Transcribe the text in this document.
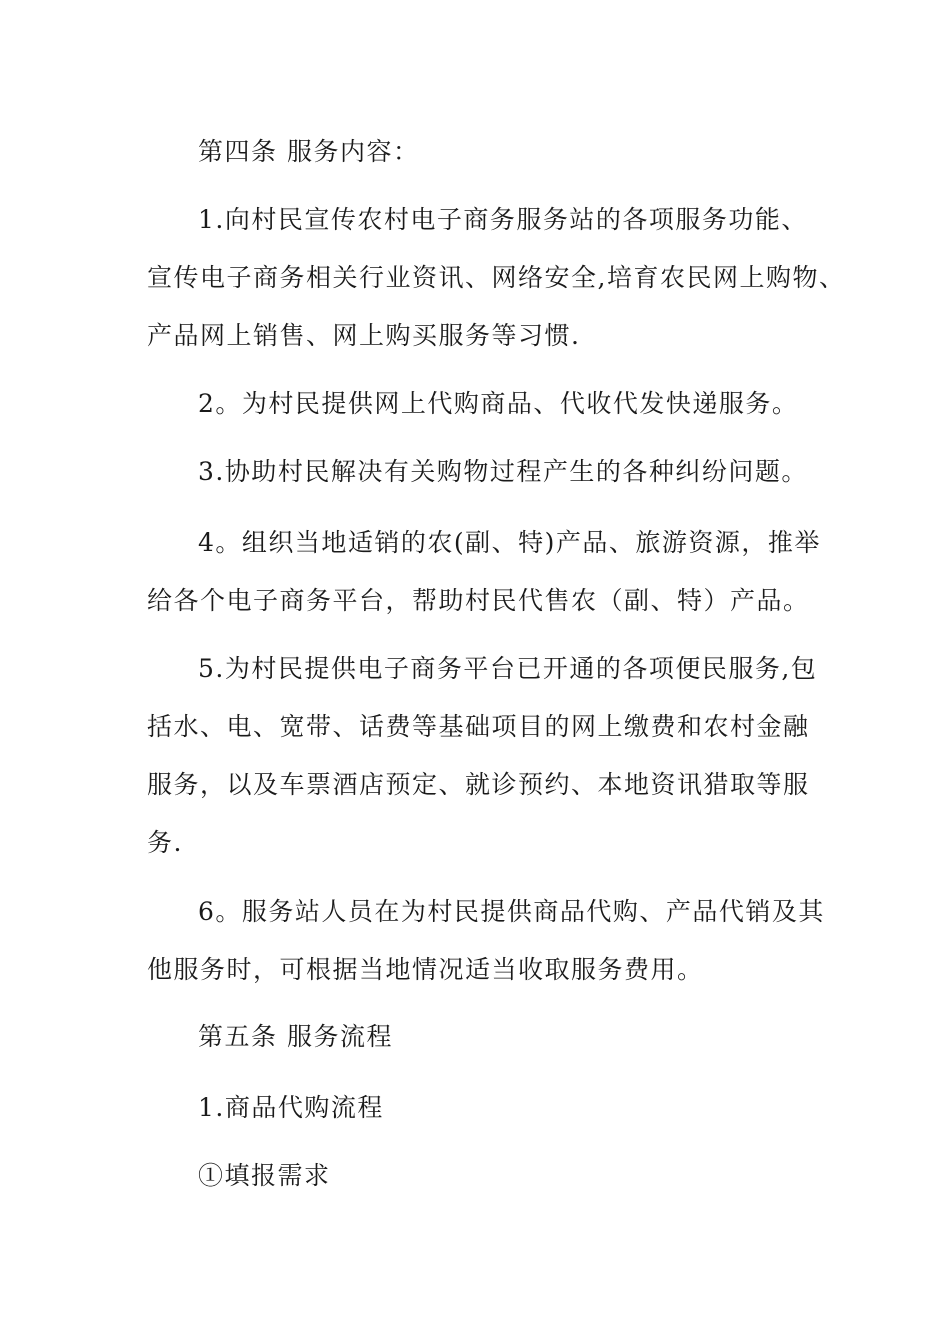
第四条 服务内容：
1.向村民宣传农村电子商务服务站的各项服务功能、
宣传电子商务相关行业资讯、网络安全,培育农民网上购物、
产品网上销售、网上购买服务等习惯.
2。为村民提供网上代购商品、代收代发快递服务。
3.协助村民解决有关购物过程产生的各种纠纷问题。
4。组织当地适销的农(副、特)产品、旅游资源，推举
给各个电子商务平台，帮助村民代售农（副、特）产品。
5.为村民提供电子商务平台已开通的各项便民服务,包
括水、电、宽带、话费等基础项目的网上缴费和农村金融
服务，以及车票酒店预定、就诊预约、本地资讯猎取等服
务.
6。服务站人员在为村民提供商品代购、产品代销及其
他服务时，可根据当地情况适当收取服务费用。
第五条 服务流程
1.商品代购流程
①填报需求
